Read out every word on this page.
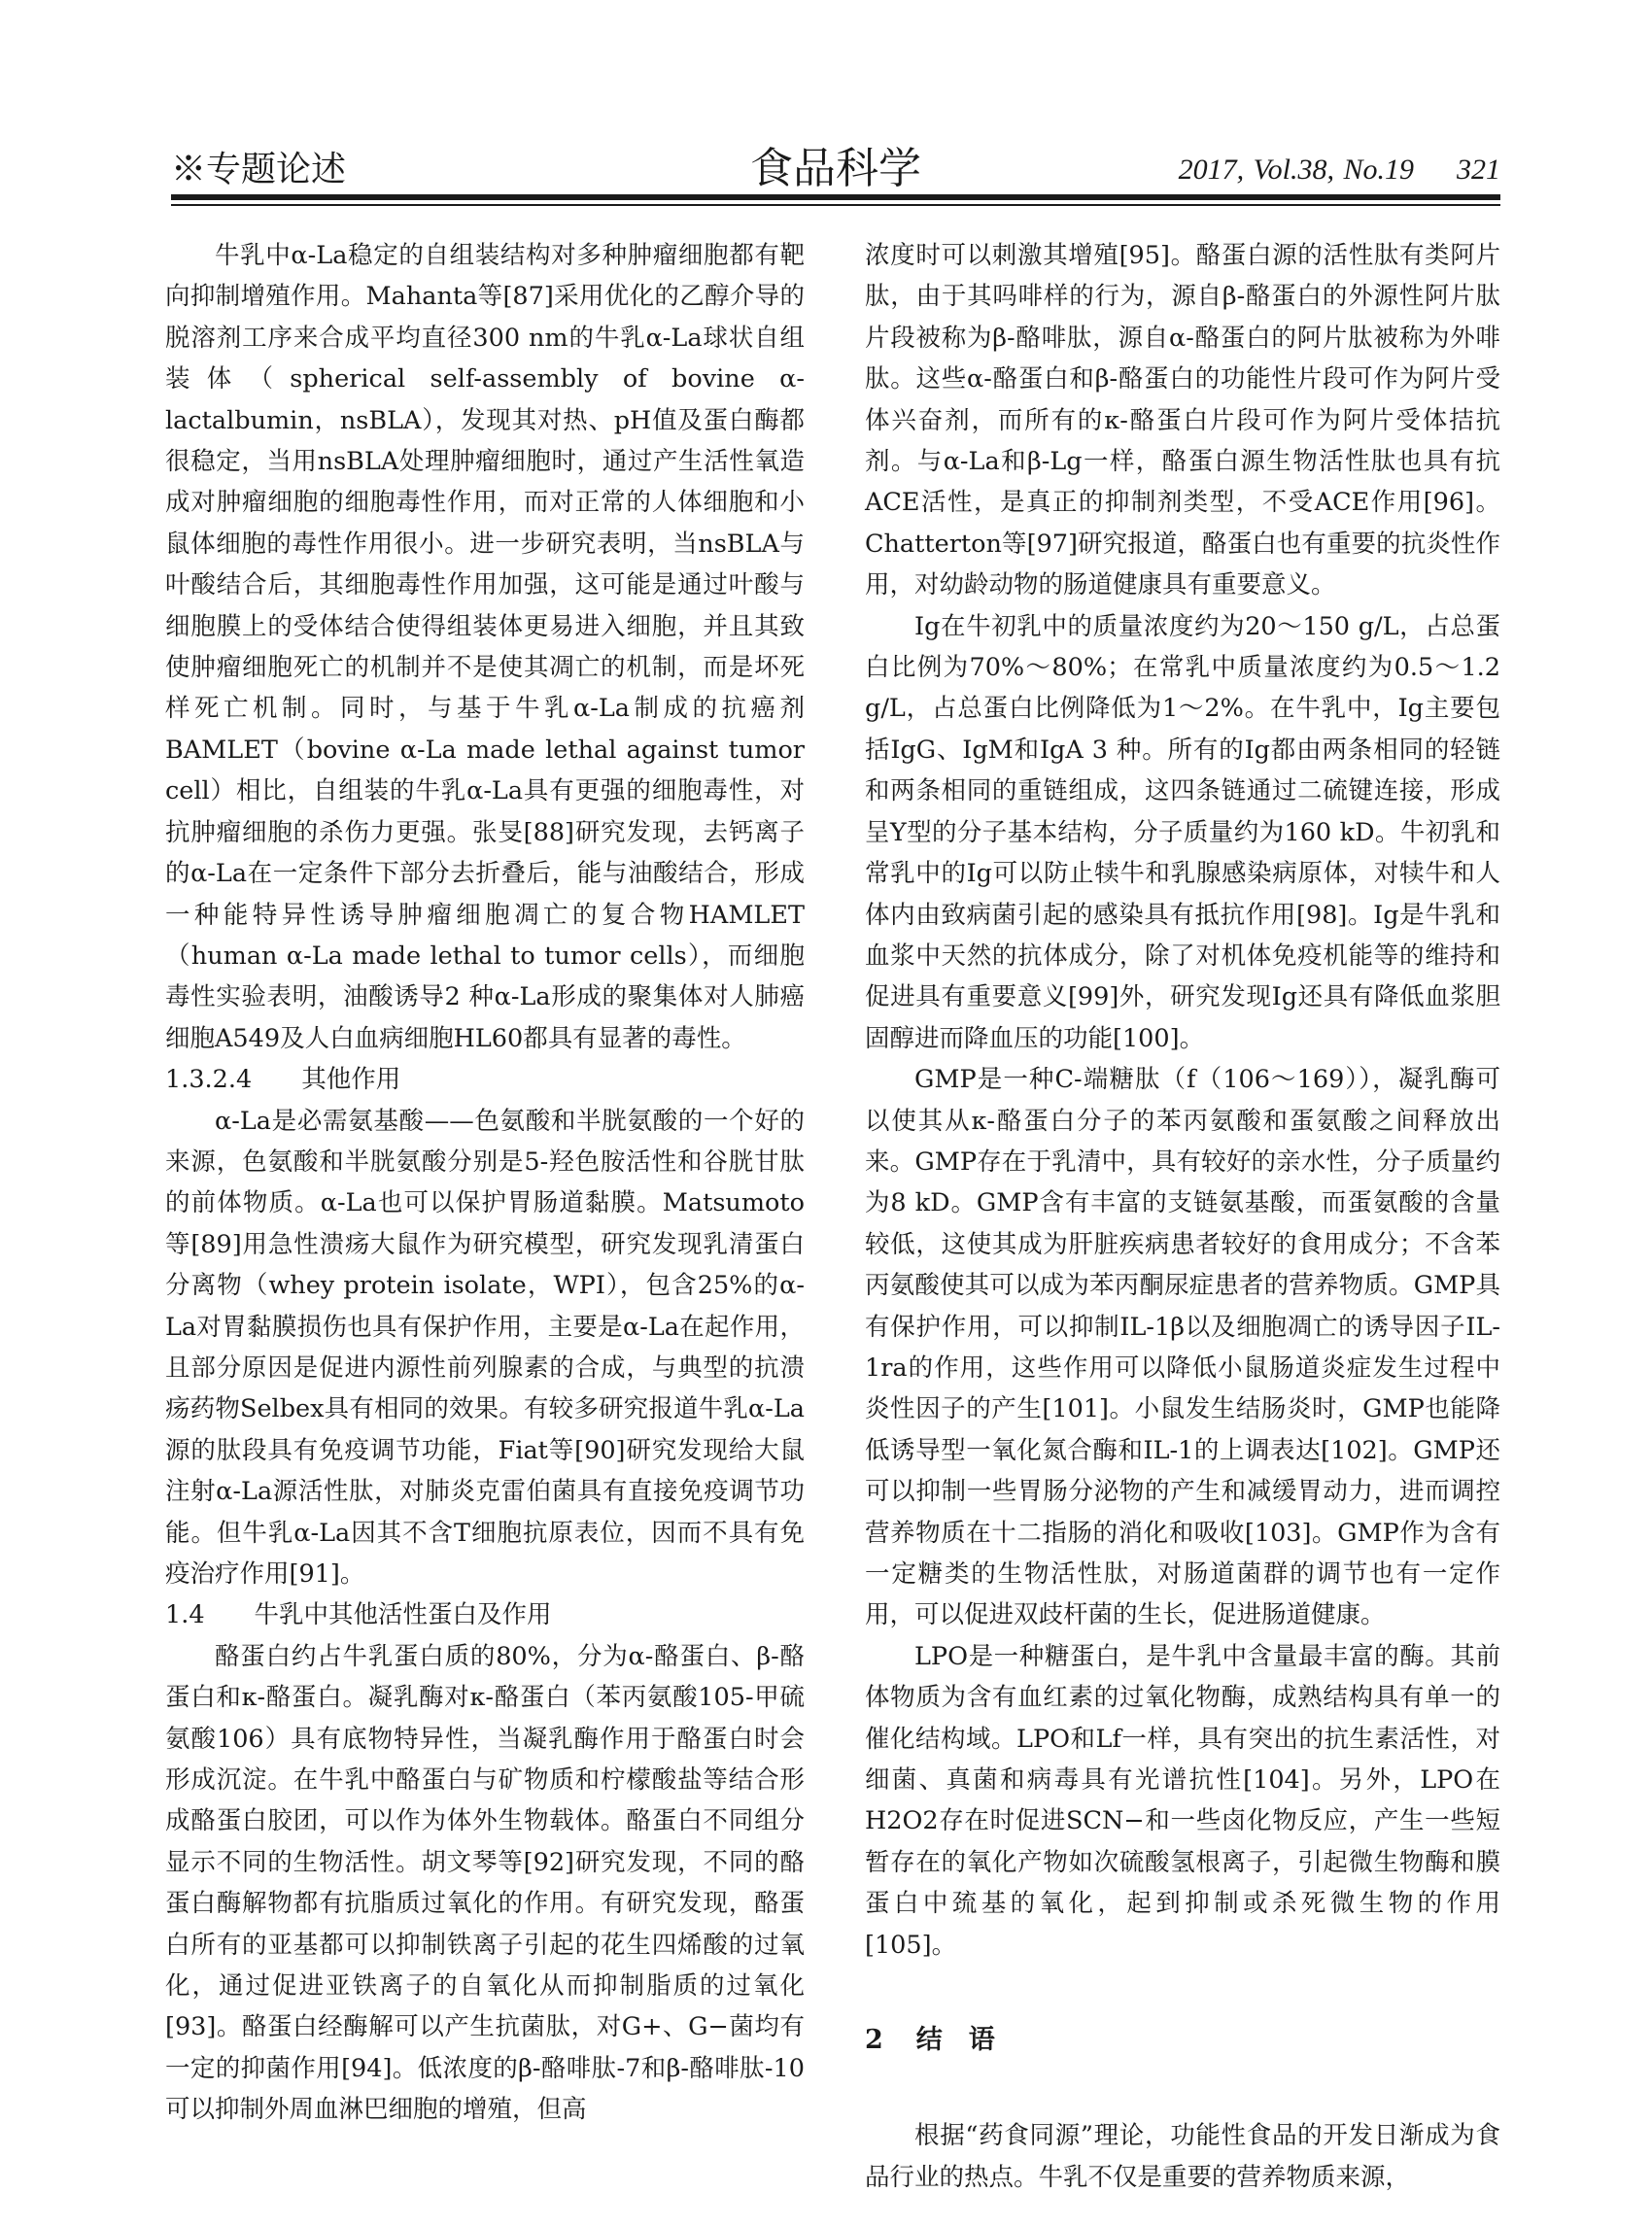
※专题论述	食品科学	2017, Vol.38, No.19 321

牛乳中α-La稳定的自组装结构对多种肿瘤细胞都有靶向抑制增殖作用。Mahanta等[87]采用优化的乙醇介导的脱溶剂工序来合成平均直径300 nm的牛乳α-La球状自组装体（spherical self-assembly of bovine α-lactalbumin，nsBLA），发现其对热、pH值及蛋白酶都很稳定，当用nsBLA处理肿瘤细胞时，通过产生活性氧造成对肿瘤细胞的细胞毒性作用，而对正常的人体细胞和小鼠体细胞的毒性作用很小。进一步研究表明，当nsBLA与叶酸结合后，其细胞毒性作用加强，这可能是通过叶酸与细胞膜上的受体结合使得组装体更易进入细胞，并且其致使肿瘤细胞死亡的机制并不是使其凋亡的机制，而是坏死样死亡机制。同时，与基于牛乳α-La制成的抗癌剂BAMLET（bovine α-La made lethal against tumor cell）相比，自组装的牛乳α-La具有更强的细胞毒性，对抗肿瘤细胞的杀伤力更强。张旻[88]研究发现，去钙离子的α-La在一定条件下部分去折叠后，能与油酸结合，形成一种能特异性诱导肿瘤细胞凋亡的复合物HAMLET（human α-La made lethal to tumor cells），而细胞毒性实验表明，油酸诱导2 种α-La形成的聚集体对人肺癌细胞A549及人白血病细胞HL60都具有显著的毒性。

1.3.2.4　　其他作用

α-La是必需氨基酸——色氨酸和半胱氨酸的一个好的来源，色氨酸和半胱氨酸分别是5-羟色胺活性和谷胱甘肽的前体物质。α-La也可以保护胃肠道黏膜。Matsumoto等[89]用急性溃疡大鼠作为研究模型，研究发现乳清蛋白分离物（whey protein isolate，WPI），包含25%的α-La对胃黏膜损伤也具有保护作用，主要是α-La在起作用，且部分原因是促进内源性前列腺素的合成，与典型的抗溃疡药物Selbex具有相同的效果。有较多研究报道牛乳α-La源的肽段具有免疫调节功能，Fiat等[90]研究发现给大鼠注射α-La源活性肽，对肺炎克雷伯菌具有直接免疫调节功能。但牛乳α-La因其不含T细胞抗原表位，因而不具有免疫治疗作用[91]。

1.4　　牛乳中其他活性蛋白及作用

酪蛋白约占牛乳蛋白质的80%，分为α-酪蛋白、β-酪蛋白和κ-酪蛋白。凝乳酶对κ-酪蛋白（苯丙氨酸105-甲硫氨酸106）具有底物特异性，当凝乳酶作用于酪蛋白时会形成沉淀。在牛乳中酪蛋白与矿物质和柠檬酸盐等结合形成酪蛋白胶团，可以作为体外生物载体。酪蛋白不同组分显示不同的生物活性。胡文琴等[92]研究发现，不同的酪蛋白酶解物都有抗脂质过氧化的作用。有研究发现，酪蛋白所有的亚基都可以抑制铁离子引起的花生四烯酸的过氧化，通过促进亚铁离子的自氧化从而抑制脂质的过氧化[93]。酪蛋白经酶解可以产生抗菌肽，对G+、G−菌均有一定的抑菌作用[94]。低浓度的β-酪啡肽-7和β-酪啡肽-10可以抑制外周血淋巴细胞的增殖，但高

浓度时可以刺激其增殖[95]。酪蛋白源的活性肽有类阿片肽，由于其吗啡样的行为，源自β-酪蛋白的外源性阿片肽片段被称为β-酪啡肽，源自α-酪蛋白的阿片肽被称为外啡肽。这些α-酪蛋白和β-酪蛋白的功能性片段可作为阿片受体兴奋剂，而所有的κ-酪蛋白片段可作为阿片受体拮抗剂。与α-La和β-Lg一样，酪蛋白源生物活性肽也具有抗ACE活性，是真正的抑制剂类型，不受ACE作用[96]。Chatterton等[97]研究报道，酪蛋白也有重要的抗炎性作用，对幼龄动物的肠道健康具有重要意义。

Ig在牛初乳中的质量浓度约为20～150 g/L，占总蛋白比例为70%～80%；在常乳中质量浓度约为0.5～1.2 g/L，占总蛋白比例降低为1～2%。在牛乳中，Ig主要包括IgG、IgM和IgA 3 种。所有的Ig都由两条相同的轻链和两条相同的重链组成，这四条链通过二硫键连接，形成呈Y型的分子基本结构，分子质量约为160 kD。牛初乳和常乳中的Ig可以防止犊牛和乳腺感染病原体，对犊牛和人体内由致病菌引起的感染具有抵抗作用[98]。Ig是牛乳和血浆中天然的抗体成分，除了对机体免疫机能等的维持和促进具有重要意义[99]外，研究发现Ig还具有降低血浆胆固醇进而降血压的功能[100]。

GMP是一种C-端糖肽（f（106～169）），凝乳酶可以使其从κ-酪蛋白分子的苯丙氨酸和蛋氨酸之间释放出来。GMP存在于乳清中，具有较好的亲水性，分子质量约为8 kD。GMP含有丰富的支链氨基酸，而蛋氨酸的含量较低，这使其成为肝脏疾病患者较好的食用成分；不含苯丙氨酸使其可以成为苯丙酮尿症患者的营养物质。GMP具有保护作用，可以抑制IL-1β以及细胞凋亡的诱导因子IL-1ra的作用，这些作用可以降低小鼠肠道炎症发生过程中炎性因子的产生[101]。小鼠发生结肠炎时，GMP也能降低诱导型一氧化氮合酶和IL-1的上调表达[102]。GMP还可以抑制一些胃肠分泌物的产生和减缓胃动力，进而调控营养物质在十二指肠的消化和吸收[103]。GMP作为含有一定糖类的生物活性肽，对肠道菌群的调节也有一定作用，可以促进双歧杆菌的生长，促进肠道健康。

LPO是一种糖蛋白，是牛乳中含量最丰富的酶。其前体物质为含有血红素的过氧化物酶，成熟结构具有单一的催化结构域。LPO和Lf一样，具有突出的抗生素活性，对细菌、真菌和病毒具有光谱抗性[104]。另外，LPO在H2O2存在时促进SCN−和一些卤化物反应，产生一些短暂存在的氧化产物如次硫酸氢根离子，引起微生物酶和膜蛋白中巯基的氧化，起到抑制或杀死微生物的作用[105]。

2 结　语

根据“药食同源”理论，功能性食品的开发日渐成为食品行业的热点。牛乳不仅是重要的营养物质来源，
